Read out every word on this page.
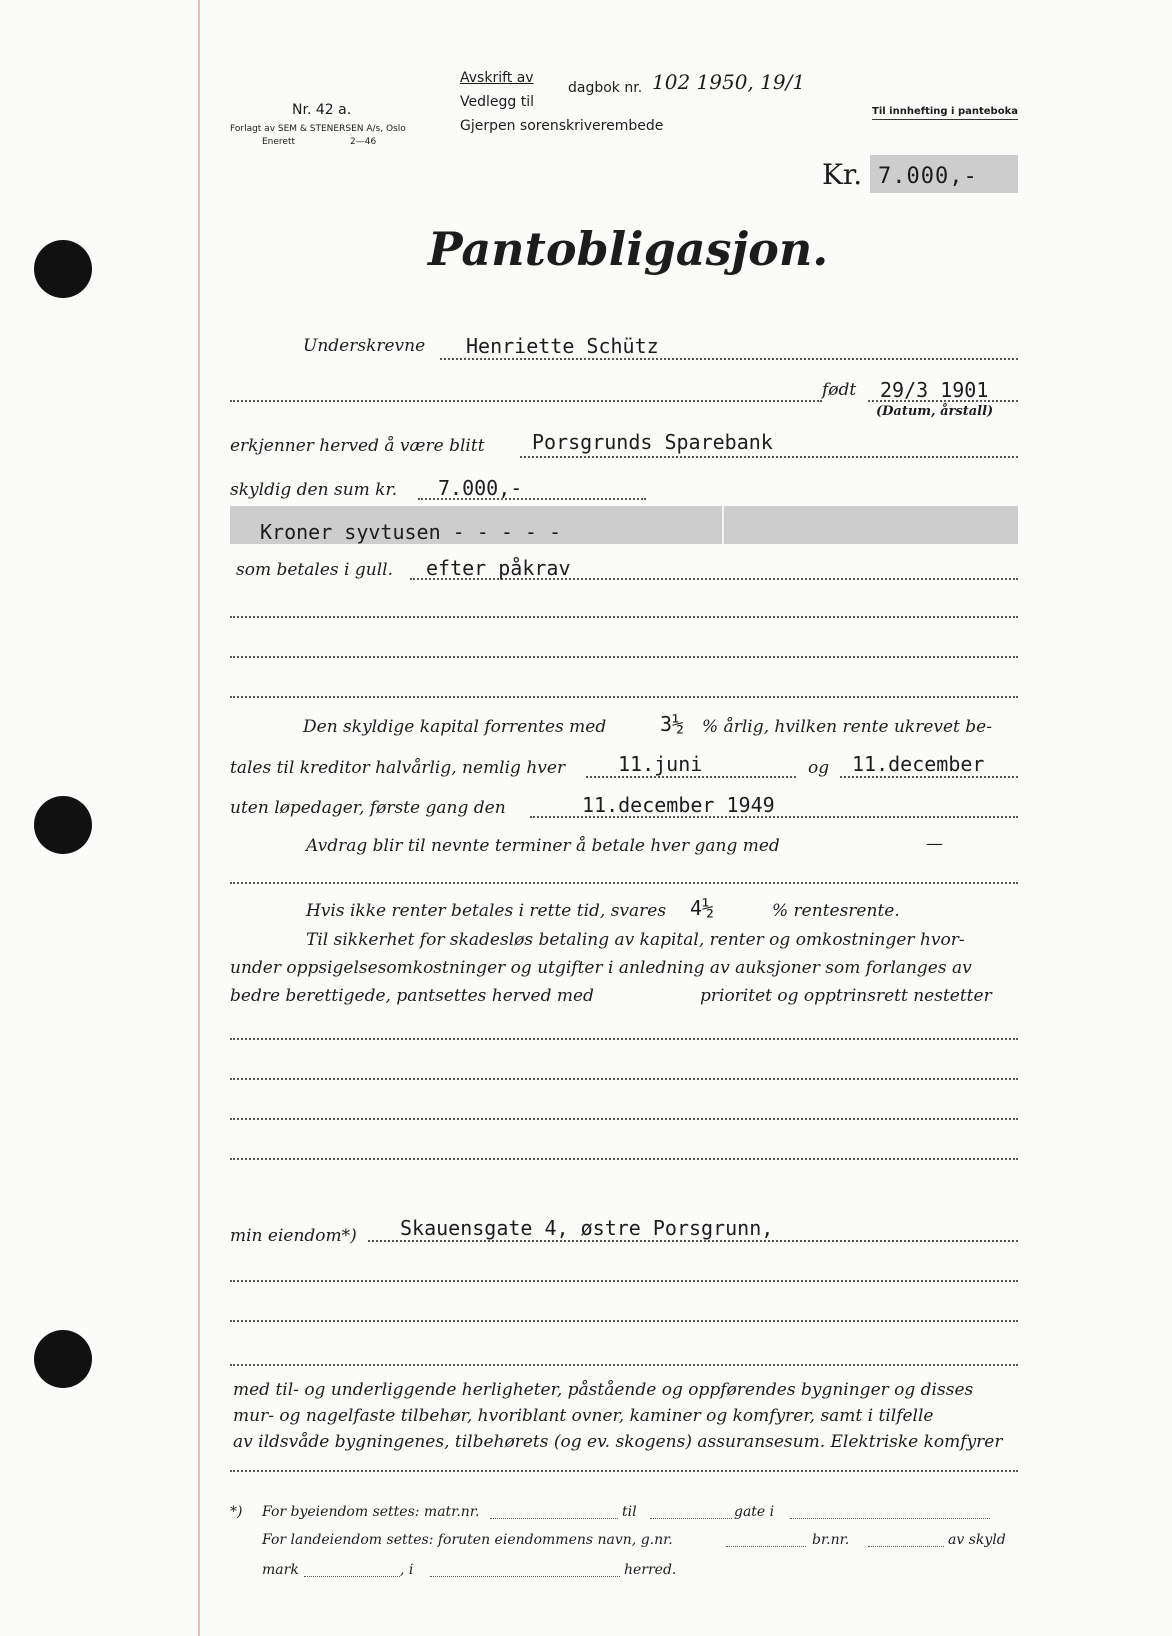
Nr. 42 a.
Forlagt av SEM & STENERSEN A/s, Oslo
Enerett	2—46
Avskrift av
dagbok nr. 102 1950, 19/1
Vedlegg til
Gjerpen sorenskriverembede
Til innhefting i panteboka
Kr. 7.000,-
Pantobligasjon.
Underskrevne Henriette Schütz
født 29/3 1901
(Datum, årstall)
erkjenner herved å være blitt Porsgrunds Sparebank
skyldig den sum kr. 7.000,-
Kroner syvtusen - - - - -
som betales i gull. efter påkrav
Den skyldige kapital forrentes med	3½ % årlig, hvilken rente ukrevet be-
tales til kreditor halvårlig, nemlig hver	11.juni	og 11.december
uten løpedager, første gang den	11.december 1949
Avdrag blir til nevnte terminer å betale hver gang med	—
Hvis ikke renter betales i rette tid, svares 4½	% rentesrente.
Til sikkerhet for skadesløs betaling av kapital, renter og omkostninger hvor-
under oppsigelsesomkostninger og utgifter i anledning av auksjoner som forlanges av
bedre berettigede, pantsettes herved med	prioritet og opptrinsrett nestetter
min eiendom*) Skauensgate 4, østre Porsgrunn,
med til- og underliggende herligheter, påstående og oppførendes bygninger og disses
mur- og nagelfaste tilbehør, hvoriblant ovner, kaminer og komfyrer, samt i tilfelle
av ildsvåde bygningenes, tilbehørets (og ev. skogens) assuransesum. Elektriske komfyrer
*) For byeiendom settes: matr.nr.	til	gate i
For landeiendom settes: foruten eiendommens navn, g.nr.	br.nr.	av skyld
mark	, i	herred.
